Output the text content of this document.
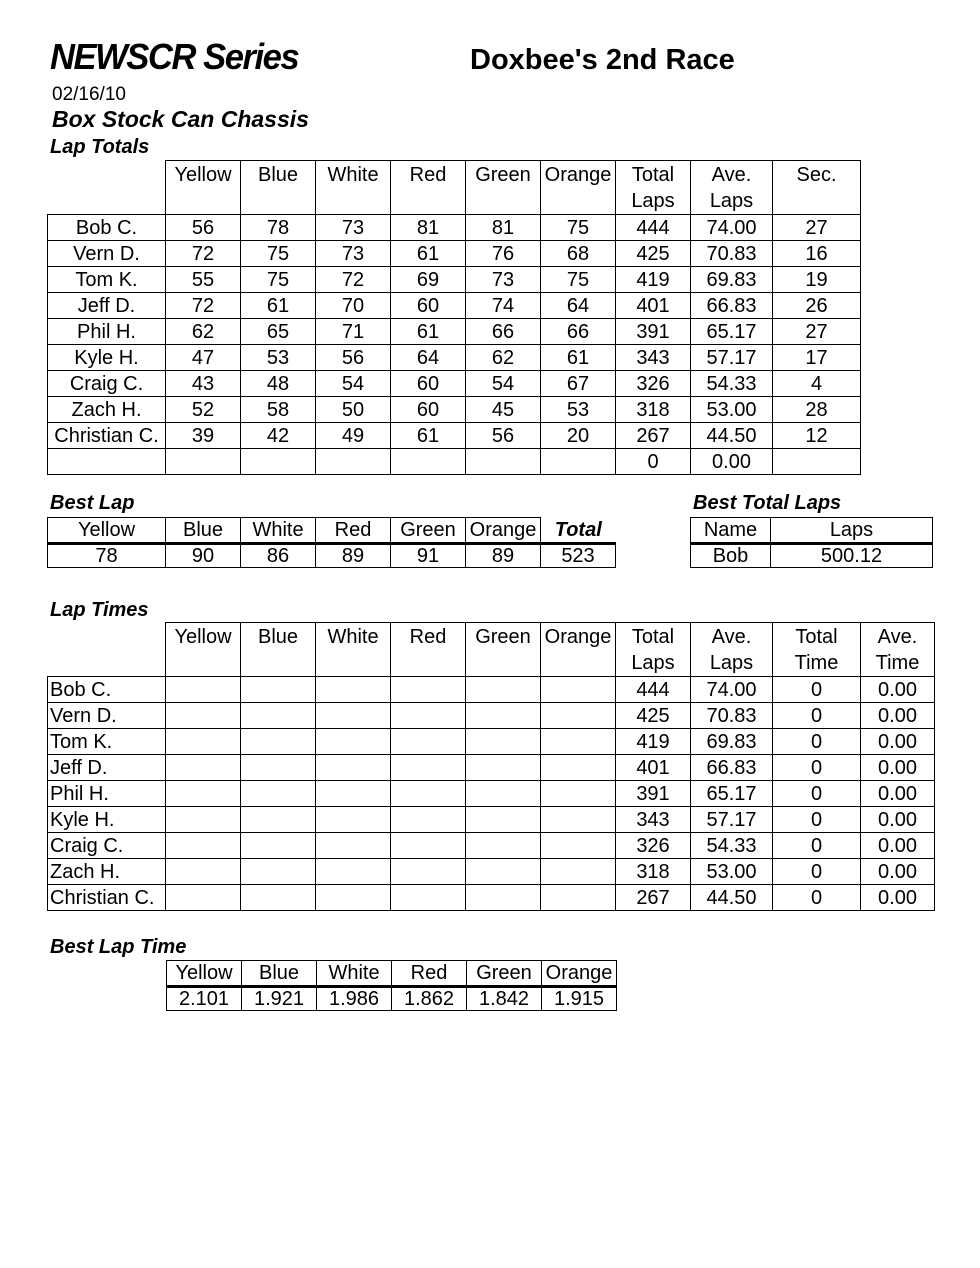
NEWSCR Series	Doxbee's 2nd Race
02/16/10
Box Stock Can Chassis
Lap Totals
	Yellow	Blue	White	Red	Green	Orange	Total Laps	Ave. Laps	Sec.
Bob C.	56	78	73	81	81	75	444	74.00	27
Vern D.	72	75	73	61	76	68	425	70.83	16
Tom K.	55	75	72	69	73	75	419	69.83	19
Jeff D.	72	61	70	60	74	64	401	66.83	26
Phil H.	62	65	71	61	66	66	391	65.17	27
Kyle H.	47	53	56	64	62	61	343	57.17	17
Craig C.	43	48	54	60	54	67	326	54.33	4
Zach H.	52	58	50	60	45	53	318	53.00	28
Christian C.	39	42	49	61	56	20	267	44.50	12
							0	0.00	
Best Lap
Yellow	Blue	White	Red	Green	Orange	Total
78	90	86	89	91	89	523
Best Total Laps
Name	Laps
Bob	500.12
Lap Times
	Yellow	Blue	White	Red	Green	Orange	Total Laps	Ave. Laps	Total Time	Ave. Time
Bob C.							444	74.00	0	0.00
Vern D.							425	70.83	0	0.00
Tom K.							419	69.83	0	0.00
Jeff D.							401	66.83	0	0.00
Phil H.							391	65.17	0	0.00
Kyle H.							343	57.17	0	0.00
Craig C.							326	54.33	0	0.00
Zach H.							318	53.00	0	0.00
Christian C.							267	44.50	0	0.00
Best Lap Time
Yellow	Blue	White	Red	Green	Orange
2.101	1.921	1.986	1.862	1.842	1.915
